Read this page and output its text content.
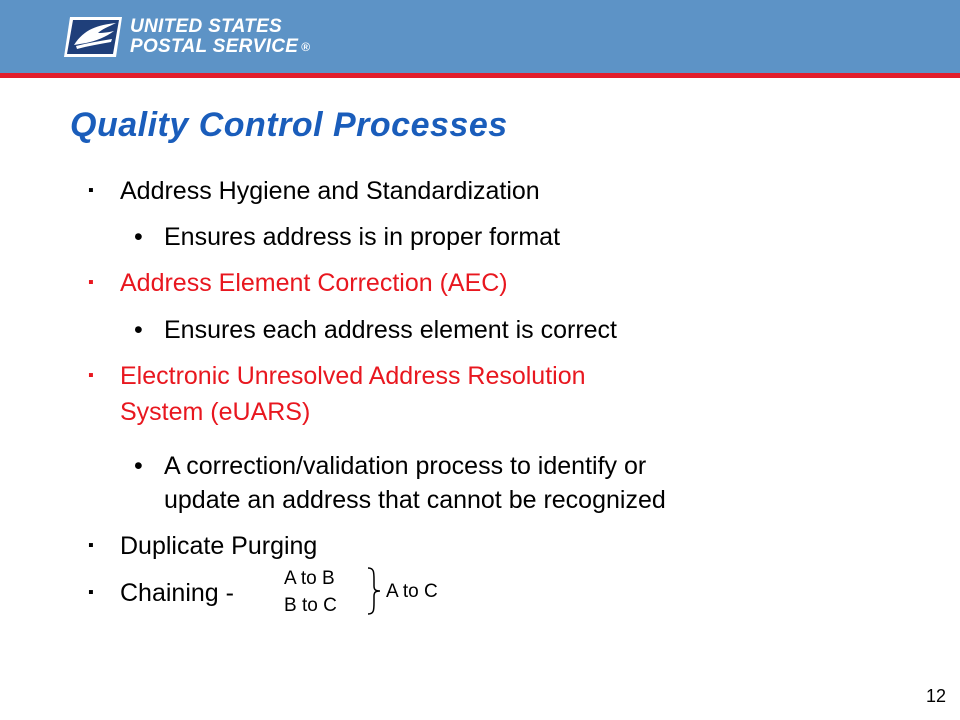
UNITED STATES
POSTAL SERVICE ®
Quality Control Processes
▪ Address Hygiene and Standardization
• Ensures address is in proper format
▪ Address Element Correction (AEC)
• Ensures each address element is correct
▪ Electronic Unresolved Address Resolution
System (eUARS)
• A correction/validation process to identify or
update an address that cannot be recognized
▪ Duplicate Purging
▪ Chaining -
A to B
B to C
A to C
12
